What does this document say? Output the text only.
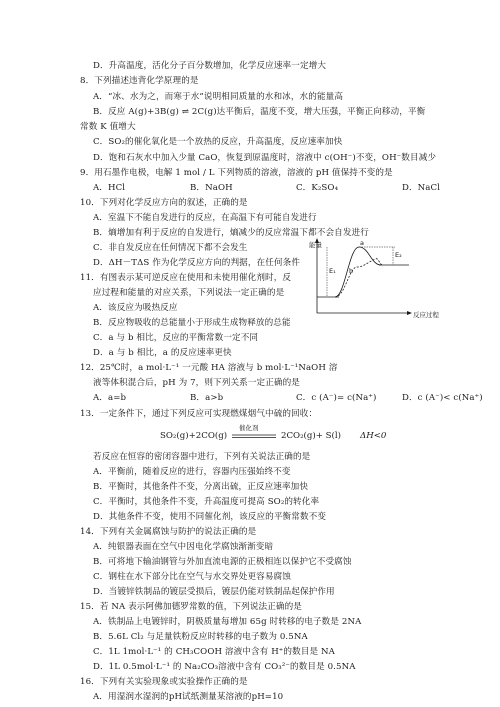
D．升高温度，活化分子百分数增加，化学反应速率一定增大
8．下列描述违背化学原理的是
A．“冰、水为之，而寒于水”说明相同质量的水和冰，水的能量高
B．反应 A(g)+3B(g) ⇌ 2C(g)达平衡后，温度不变，增大压强，平衡正向移动，平衡
常数 K 值增大
C．SO₂的催化氧化是一个放热的反应，升高温度，反应速率加快
D．饱和石灰水中加入少量 CaO，恢复到原温度时，溶液中 c(OH⁻)不变，OH⁻数目减少
9．用石墨作电极，电解 1 mol / L 下列物质的溶液，溶液的 pH 值保持不变的是
A．HCl	B．NaOH	C．K₂SO₄	D．NaCl
10．下列对化学反应方向的叙述，正确的是
A．室温下不能自发进行的反应，在高温下有可能自发进行
B．熵增加有利于反应的自发进行，熵减少的反应常温下都不会自发进行
C．非自发反应在任何情况下都不会发生
D．ΔH－TΔS 作为化学反应方向的判据，在任何条件
11．有图表示某可逆反应在使用和未使用催化剂时，反
应过程和能量的对应关系，下列说法一定正确的是
A．该反应为吸热反应
B．反应物吸收的总能量小于形成生成物释放的总能
C．a 与 b 相比，反应的平衡常数一定不同
D．a 与 b 相比，a 的反应速率更快
12．25℃时，a mol·L⁻¹ 一元酸 HA 溶液与 b mol·L⁻¹NaOH 溶
液等体积混合后，pH 为 7，则下列关系一定正确的是
A．a=b	B．a>b	C．c (A⁻)= c(Na⁺)	D．c (A⁻)< c(Na⁺)
13．一定条件下，通过下列反应可实现燃煤烟气中硫的回收：
SO₂(g)+2CO(g)
催化剂
2CO₂(g)+ S(l) ΔH<0
若反应在恒容的密闭容器中进行，下列有关说法正确的是
A．平衡前，随着反应的进行，容器内压强始终不变
B．平衡时，其他条件不变，分离出硫，正反应速率加快
C．平衡时，其他条件不变，升高温度可提高 SO₂的转化率
D．其他条件不变，使用不同催化剂，该反应的平衡常数不变
14．下列有关金属腐蚀与防护的说法正确的是
A．纯银器表面在空气中因电化学腐蚀渐渐变暗
B．可将地下输油钢管与外加直流电源的正极相连以保护它不受腐蚀
C．钢柱在水下部分比在空气与水交界处更容易腐蚀
D．当镀锌铁制品的镀层受损后，镀层仍能对铁制品起保护作用
15．若 NA 表示阿佛加德罗常数的值，下列说法正确的是
A．铁制品上电镀锌时，阴极质量每增加 65g 时转移的电子数是 2NA
B．5.6L Cl₂ 与足量铁粉反应时转移的电子数为 0.5NA
C．1L 1mol·L⁻¹ 的 CH₃COOH 溶液中含有 H⁺的数目是 NA
D．1L 0.5mol·L⁻¹ 的 Na₂CO₃溶液中含有 CO₃²⁻的数目是 0.5NA
16．下列有关实验现象或实验操作正确的是
A．用湿润水湿润的pH试纸测量某溶液的pH=10
能量
反应过程
a
b
E₁
E₂
